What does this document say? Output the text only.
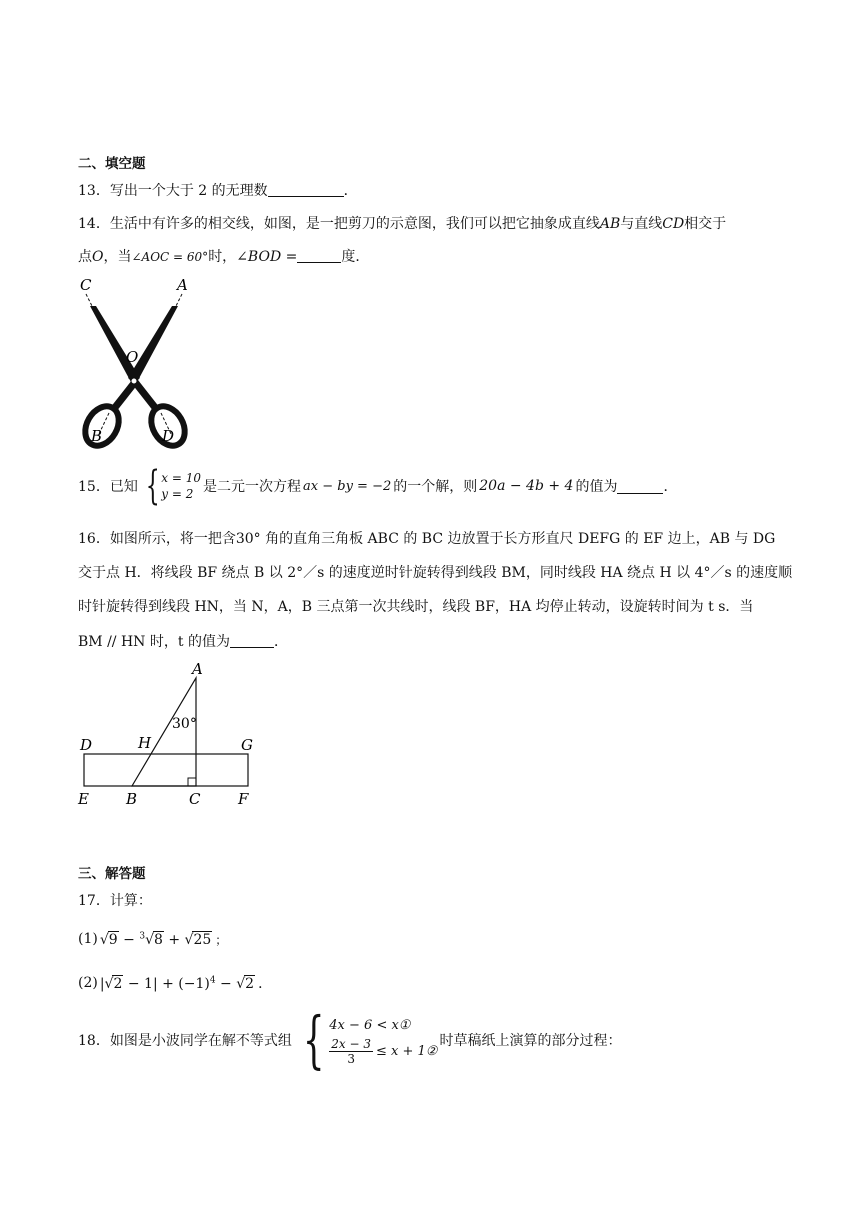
二、填空题
13．写出一个大于 2 的无理数	．
14．生活中有许多的相交线，如图，是一把剪刀的示意图，我们可以把它抽象成直线AB与直线CD相交于
点O，当∠AOC = 60°时，∠BOD =	度．
C	A
O
B	D
15． 已知 { x = 10
y = 2 是二元一次方程 ax − by = −2 的一个解，则 20a − 4b + 4 的值为	．
16．如图所示，将一把含30° 角的直角三角板 ABC 的 BC 边放置于长方形直尺 DEFG 的 EF 边上，AB 与 DG
交于点 H．将线段 BF 绕点 B 以 2°／s 的速度逆时针旋转得到线段 BM，同时线段 HA 绕点 H 以 4°／s 的速度顺
时针旋转得到线段 HN，当 N，A，B 三点第一次共线时，线段 BF，HA 均停止转动，设旋转时间为 t s．当
BM // HN 时，t 的值为	．
A
30°
D	H	G
E B	C	F
三、解答题
17．计算：
(1) √9 − $^3$√8 + √25 ；
(2) $|√2 - 1| + (-1)^4 - √2$ ．
18． 如图是小波同学在解不等式组 { 4x − 6 < x①
$\frac{2x - 3}{3} \le x$ + 1②
时草稿纸上演算的部分过程：
